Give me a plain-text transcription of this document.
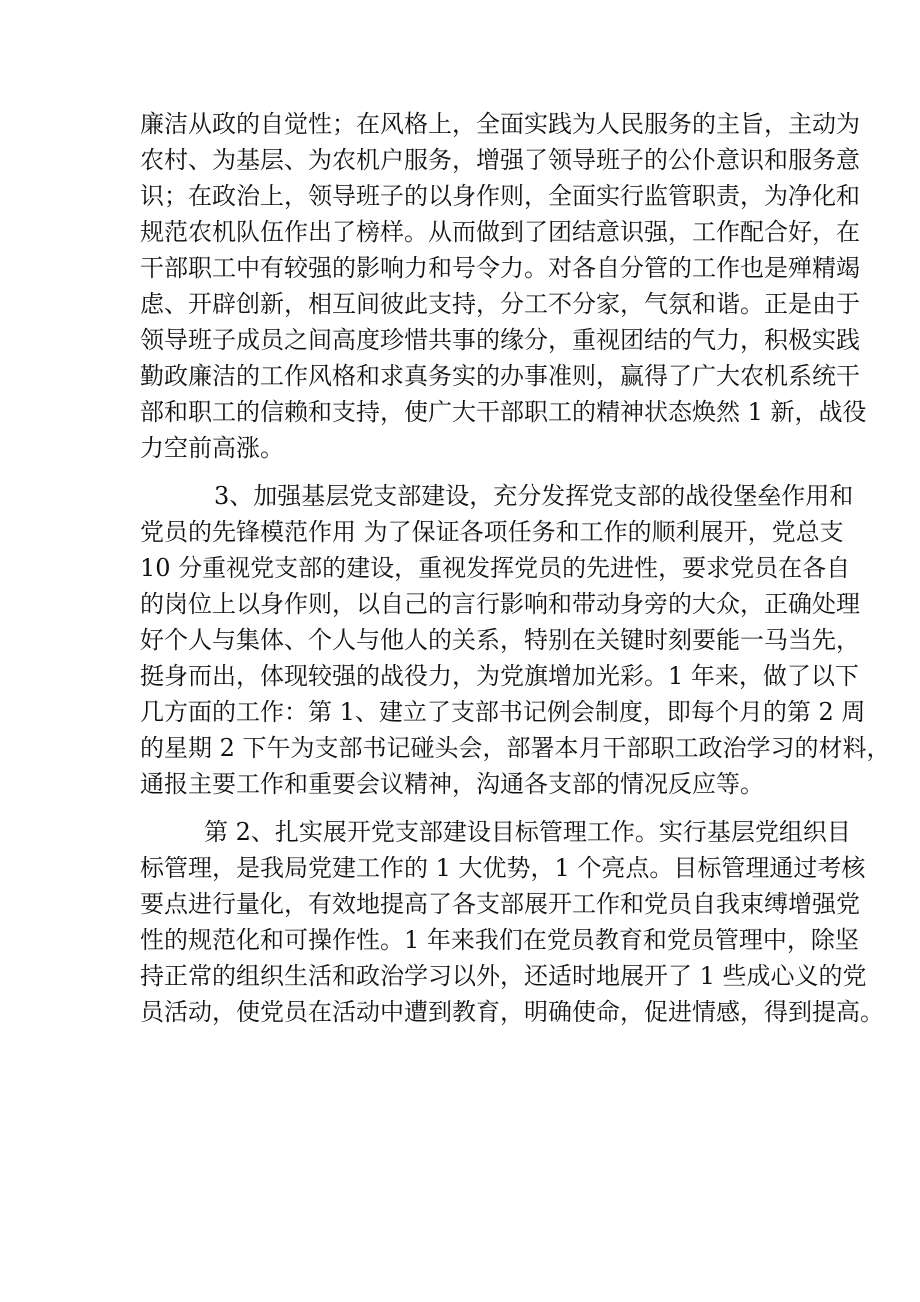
廉洁从政的自觉性；在风格上，全面实践为人民服务的主旨，主动为
农村、为基层、为农机户服务，增强了领导班子的公仆意识和服务意
识；在政治上，领导班子的以身作则，全面实行监管职责，为净化和
规范农机队伍作出了榜样。从而做到了团结意识强，工作配合好，在
干部职工中有较强的影响力和号令力。对各自分管的工作也是殚精竭
虑、开辟创新，相互间彼此支持，分工不分家，气氛和谐。正是由于
领导班子成员之间高度珍惜共事的缘分，重视团结的气力，积极实践
勤政廉洁的工作风格和求真务实的办事准则，赢得了广大农机系统干
部和职工的信赖和支持，使广大干部职工的精神状态焕然 1 新，战役
力空前高涨。

3、加强基层党支部建设，充分发挥党支部的战役堡垒作用和
党员的先锋模范作用 为了保证各项任务和工作的顺利展开，党总支
10 分重视党支部的建设，重视发挥党员的先进性，要求党员在各自
的岗位上以身作则，以自己的言行影响和带动身旁的大众，正确处理
好个人与集体、个人与他人的关系，特别在关键时刻要能一马当先，
挺身而出，体现较强的战役力，为党旗增加光彩。1 年来，做了以下
几方面的工作：第 1、建立了支部书记例会制度，即每个月的第 2 周
的星期 2 下午为支部书记碰头会，部署本月干部职工政治学习的材料，
通报主要工作和重要会议精神，沟通各支部的情况反应等。

第 2、扎实展开党支部建设目标管理工作。实行基层党组织目
标管理，是我局党建工作的 1 大优势，1 个亮点。目标管理通过考核
要点进行量化，有效地提高了各支部展开工作和党员自我束缚增强党
性的规范化和可操作性。1 年来我们在党员教育和党员管理中，除坚
持正常的组织生活和政治学习以外，还适时地展开了 1 些成心义的党
员活动，使党员在活动中遭到教育，明确使命，促进情感，得到提高。
